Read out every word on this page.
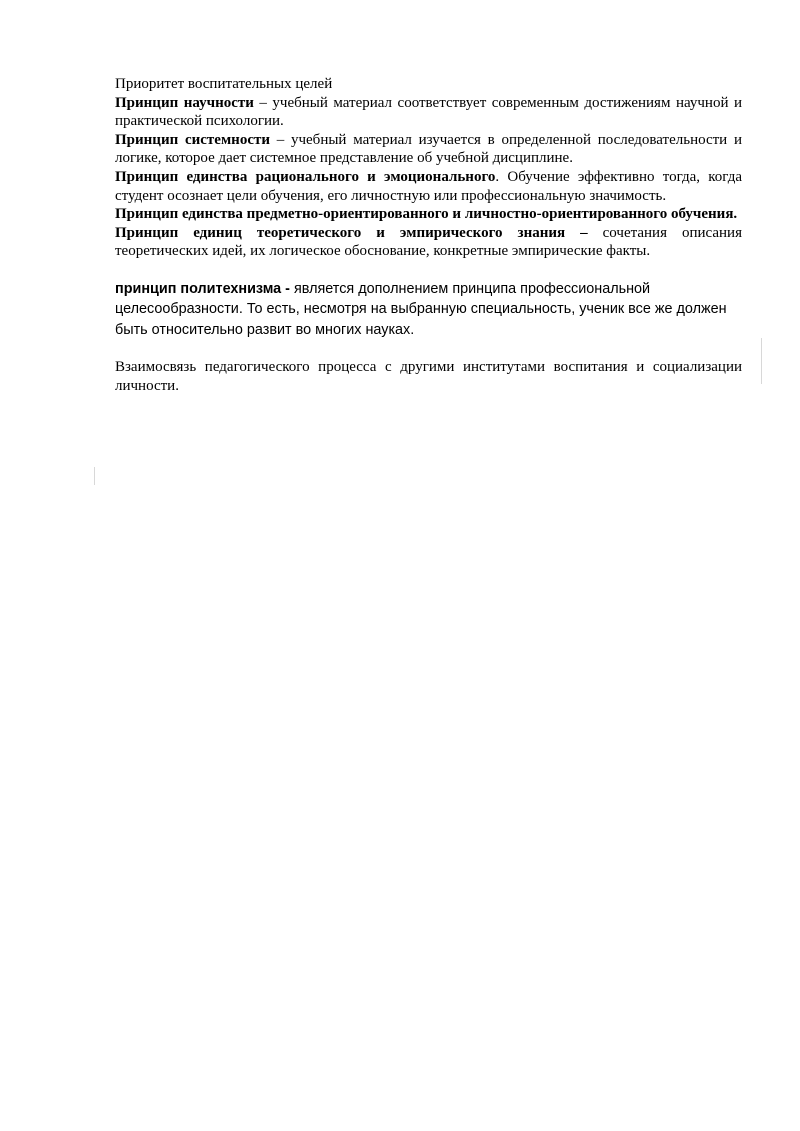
Приоритет воспитательных целей

Принцип научности – учебный материал соответствует современным достижениям научной и практической психологии.

Принцип системности – учебный материал изучается в определенной последовательности и логике, которое дает системное представление об учебной дисциплине.

Принцип единства рационального и эмоционального. Обучение эффективно тогда, когда студент осознает цели обучения, его личностную или профессиональную значимость.

Принцип единства предметно-ориентированного и личностно-ориентированного обучения.

Принцип единиц теоретического и эмпирического знания – сочетания описания теоретических идей, их логическое обоснование, конкретные эмпирические факты.

принцип политехнизма - является дополнением принципа профессиональной
целесообразности. То есть, несмотря на выбранную специальность, ученик все же должен
быть относительно развит во многих науках.

Взаимосвязь педагогического процесса с другими институтами воспитания и социализации личности.
